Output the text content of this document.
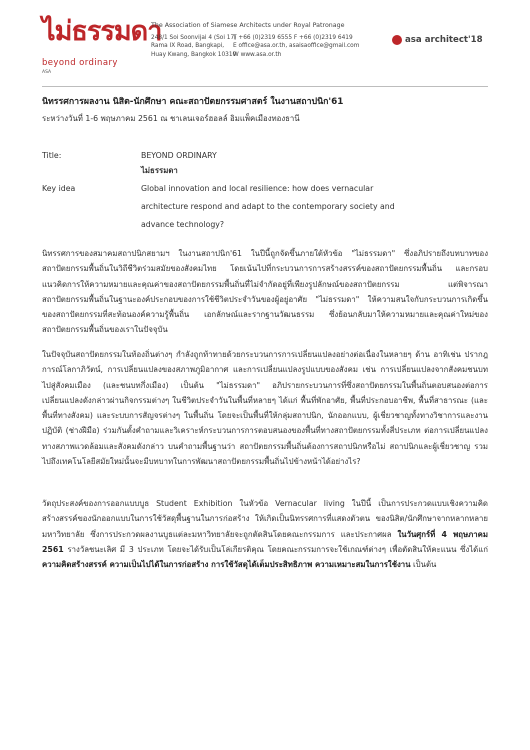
ไม่ธรรมดา
beyond ordinary
ASA
The Association of Siamese Architects under Royal Patronage
248/1 Soi Soonvijai 4 (Soi 17)
Rama IX Road, Bangkapi,
Huay Kwang, Bangkok 10310
T +66 (0)2319 6555 F +66 (0)2319 6419
E office@asa.or.th, asaisaoffice@gmail.com
W www.asa.or.th
asa architect'18
นิทรรศการผลงาน นิสิต-นักศึกษา คณะสถาปัตยกรรมศาสตร์ ในงานสถาปนิก'61
ระหว่างวันที่ 1-6 พฤษภาคม 2561 ณ ชาเลนเจอร์ฮอลล์ อิมแพ็คเมืองทองธานี
Title:	BEYOND ORDINARY
ไม่ธรรมดา
Key idea	Global innovation and local resilience: how does vernacular
architecture respond and adapt to the contemporary society and
advance technology?
นิทรรศการของสมาคมสถาปนิกสยามฯ ในงานสถาปนิก'61 ในปีนี้ถูกจัดขึ้นภายใต้หัวข้อ "ไม่ธรรมดา" ซึ่งอภิปรายถึงบทบาทของสถาปัตยกรรมพื้นถิ่นในวิถีชีวิตร่วมสมัยของสังคมไทย โดยเน้นไปที่กระบวนการการสร้างสรรค์ของสถาปัตยกรรมพื้นถิ่น และกรอบแนวคิดการให้ความหมายและคุณค่าของสถาปัตยกรรมพื้นถิ่นที่ไม่จำกัดอยู่ที่เพียงรูปลักษณ์ของสถาปัตยกรรม แต่พิจารณาสถาปัตยกรรมพื้นถิ่นในฐานะองค์ประกอบของการใช้ชีวิตประจำวันของผู้อยู่อาศัย "ไม่ธรรมดา" ให้ความสนใจกับกระบวนการเกิดขึ้นของสถาปัตยกรรมที่สะท้อนองค์ความรู้พื้นถิ่น เอกลักษณ์และรากฐานวัฒนธรรม ซึ่งย้อนกลับมาให้ความหมายและคุณค่าใหม่ของสถาปัตยกรรมพื้นถิ่นของเราในปัจจุบัน
ในปัจจุบันสถาปัตยกรรมในท้องถิ่นต่างๆ กำลังถูกท้าทายด้วยกระบวนการการเปลี่ยนแปลงอย่างต่อเนื่องในหลายๆ ด้าน อาทิเช่น ปรากฎการณ์โลกาภิวัตน์, การเปลี่ยนแปลงของสภาพภูมิอากาศ และการเปลี่ยนแปลงรูปแบบของสังคม เช่น การเปลี่ยนแปลงจากสังคมชนบทไปสู่สังคมเมือง (และชนบทกึ่งเมือง) เป็นต้น "ไม่ธรรมดา" อภิปรายกระบวนการที่ซึ่งสถาปัตยกรรมในพื้นถิ่นตอบสนองต่อการเปลี่ยนแปลงดังกล่าวผ่านกิจกรรมต่างๆ ในชีวิตประจำวันในพื้นที่หลายๆ ได้แก่ พื้นที่พักอาศัย, พื้นที่ประกอบอาชีพ, พื้นที่สาธารณะ (และพื้นที่ทางสังคม) และระบบการสัญจรต่างๆ ในพื้นถิ่น โดยจะเป็นพื้นที่ให้กลุ่มสถาปนิก, นักออกแบบ, ผู้เชี่ยวชาญทั้งทางวิชาการและงานปฏิบัติ (ช่างฝีมือ) ร่วมกันตั้งคำถามและวิเคราะห์กระบวนการการตอบสนองของพื้นที่ทางสถาปัตยกรรมทั้งสี่ประเภท ต่อการเปลี่ยนแปลงทางสภาพแวดล้อมและสังคมดังกล่าว บนคำถามพื้นฐานว่า สถาปัตยกรรมพื้นถิ่นต้องการสถาปนิกหรือไม่ สถาปนิกและผู้เชี่ยวชาญ รวมไปถึงเทคโนโลยีสมัยใหม่นั้นจะมีบทบาทในการพัฒนาสถาปัตยกรรมพื้นถิ่นไปข้างหน้าได้อย่างไร?
วัตถุประสงค์ของการออกแบบบูธ Student Exhibition ในหัวข้อ Vernacular living ในปีนี้ เป็นการประกวดแบบเชิงความคิดสร้างสรรค์ของนักออกแบบในการใช้วัสดุพื้นฐานในการก่อสร้าง ให้เกิดเป็นนิทรรศการที่แสดงตัวตน ของนิสิต/นักศึกษาจากหลากหลายมหาวิทยาลัย ซึ่งการประกวดผลงานบูธแต่ละมหาวิทยาลัยจะถูกตัดสินโดยคณะกรรมการ และประกาศผล ในวันศุกร์ที่ 4 พฤษภาคม 2561 รางวัลชนะเลิศ มี 3 ประเภท โดยจะได้รับเป็นโล่เกียรติคุณ โดยคณะกรรมการจะใช้เกณฑ์ต่างๆ เพื่อตัดสินให้คะแนน ซึ่งได้แก่ ความคิดสร้างสรรค์ ความเป็นไปได้ในการก่อสร้าง การใช้วัสดุได้เต็มประสิทธิภาพ ความเหมาะสมในการใช้งาน เป็นต้น
